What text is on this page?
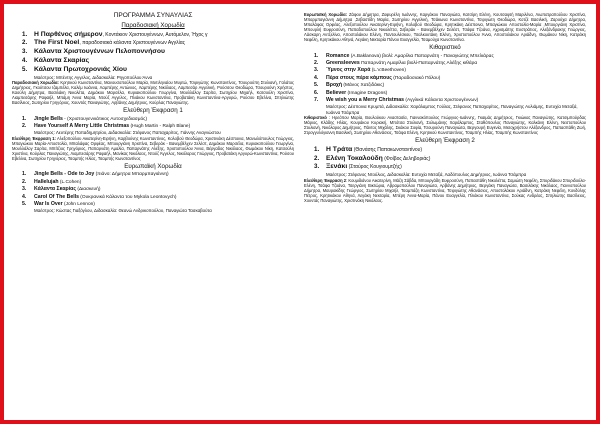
ΠΡΟΓΡΑΜΜΑ ΣΥΝΑΥΛΙΑΣ

Παραδοσιακή Χορωδία

1. Η Παρθένος σήμερον, Κοντάκιον Χριστουγέννων, Αυτόμελον, Ήχος γ

2. The First Noel, παραδοσιακά κάλαντα Χριστουγέννων Αγγλίας

3. Κάλαντα Χριστουγέννων Πελοποννήσου

4. Κάλαντα Σκαρίας

5. Κάλαντα Πρωτοχρονιάς Χίου

Μαέστρος: Μπέντης Αγγελος, Διδασκαλία: Ρηγοπούλου Άννα

Παραδοσιακή Χορωδία: Κρητικού Κωνσταντίνα, Μανουσοπούλου Μαρία, Μυτιληναίου Μυρτώ, Τσιριγώτης Κωνσταντίνος, Τσουρούπη Στυλιανή, Γαλάτος Δημήτριος, Γκούτσου Ιζαμπέλα, Καλέμ Ιωάννα, Λαμπέρης Αντώνιος, Λαμπέρης Νικόλαος, Λαμπεσάρ Αγγελική, Ρούσσου Θεοδώρα, Τσουρούνη Χρήστος, Καούλη Δήμητρα, Βασιλάκη Νικολέτα, Δημάκου Μαρσέλα, Κυριακοπούλου Γεωργίνα, Μουλλάλογ Σαρίτα, Σωτηρίου Μιχαήλ, Κατσούλη Χριστίνα, Λιαμπεσάρης Ραφαήλ, Μπάμη Άννα Μαρία, Ντούζ Αγγελος, Πλιάκου Κωνσταντίνα, Προβατάκη Κωνσταντίνα-Αργυρώ, Ρούσου Εβελίνα, Σπηλιώτης Βασίλειος, Σωτηρίου Γρηγόριος, Χουντάς Παναγιώτης, Αρβάνης Δημήτριος, Κούρλας Παναγιώτης.

Ελεύθερη Έκφραση 1

1. Jingle Bells - (Χριστουγεννιάτικος Αυτοσχεδιασμός)

2. Have Yourself A Merry Little Christmas (Hugh Martin - Ralph Blane)

Μαέστρος: Λευτέρης Παπαδημητρίου, Διδασκαλία: Στέφανος Παπαχαρίτος, Γιάννης Αναγνώστου

Ελεύθερη Έκφραση 1: Αλεξοπούλου Αικατερίνη-Ειρήνη, Καρβούνης Κωνσταντίνος, Κολοβού Θεοδώρα, Χριστινάκη Δέσποινα, Μανωλόπουλος Γεώργιος, Μπαγιώκου Μαρία-Αποστολία, Μπαλάφας Ορφέας, Μπουργιάνη Χριστίνα, Σεβεράκ - Βανεμβέλχεν Σελέστ, Δημάκου Μαρσέλα, Κυριακοπούλου Γεωργίνα, Μουλλάλογ Σαρίτα, Μπίτζιος Γρηγόριος, Παπαρνάτη Αμαλία, Παπαρνάτης Αλέξης, Χριστοπούλου Άννα, Βέργαδος Νικόλαος, Θωμάκου Νίκη, Κατσούλη Χριστίνα, Κούρλας Παναγιώτης, Λιαμπεσάρης Ραφαήλ, Μανίκας Νικόλαος, Ντούζ Άγγελος, Νικόλαρος Γεώργιος, Προβατάκη Αργυρώ-Κωνσταντίνα, Ρούσου Εβελίνα, Σωτηρίου Γρηγόριος, Τσαμπής Ηλίας, Τσαμπής Κωνσταντίνος

Ευρωπαϊκή Χορωδία

1. Jingle Bells - Ode to Joy (πιάνο: Δήμητρα Μπαρμπαγιάννη)

2. Hallelujah (L.Cohen)

3. Κάλαντα Σκαρίας (Διασκευή)

4. Carol Of The Bells (Ουκρανικά Κάλαντα του Mykola Leontovych)

5. War Is Over (John Lennon)

Μαέστρος: Κώστας Γιαξόγλου, Διδασκαλία: Θεανώ Ανδρικοπούλου, Παναγιώτα Τασκαβούτα

Ευρωπαϊκή Χορωδία: Ζάφου Δήμητρα, Ζαφυρέλη Ιωάννης, Καργάκου Παναγιώτα, Κατσίρη Ελένη, Κουτσαφτή Μαριλένα, Λιωπατραπούλου Χριστίνα, Μπαρμπαγιάννη Δήμητρα ,Σεβαστίδη Μαρία, Σωτηρίου Αγγελική, Τσάκωνα Κωνσταντίνα, Τσιριγώτη Θεοδώρα, Κοτζέ Βασιλική, Ζαρούχα Δήμητρα, Μπαλάφας Ορφέας, Αλεξοπούλου Αικατερίνη-Ειρήνη, Κολοβού Θεοδώρα, Κρητικάκη Δέσποινα, Μπαγιώκου Αποστολία-Μαρία ,Μπουργιάνη Χριστίνα, Μπουρλή Ευφροσύνη, Παπαδοπούλου Νικολέττα, Σεβεράκ - Βανεμβέλχεν Σελέστ, Τσάφα Τζοάνα, Αχρισμάτης Ευστράτιος, Αλεξάνδρακης Γεώργιος, Λάσκαρη Αντζελίνα, Αποστολάκου Ελένη, Παντουλέσκου, Τσαλκουτάκη Ελένη, Χριστοπούλου Άννα, Αποστολάκου Αριάδνη, Θωμάκου Νίκη, Κατράκη Νεφέλη, Κρητικάκου Αθηνά, Λεγάκη Νεκταρία Πάνου Ευαγγελία, Τσαμούχα Κωνσταντίνα.

Κιθαριστικό

1. Romance (A.Baklanova) βιολί: Αμαρίλια Παπαρνάτη - Παναγιώτης Μπελιάρας

2. Greensleeves Παπαρνάτη Αμαρίλια βιολί-Παπαρνάτης Αλέξης κιθάρα

3. Ύμνος στην Χαρά (L.V.Beethoven)

4. Πέρα στους πέρα κάμπους (Παραδοσιακό Πόλου)

5. Βροχή (Μάνος Χατζιδάκις)

6. Believer (Imagine Dragons)

7. We wish you a Merry Christmas (Αγγλικά Κάλαντα Χριστουγέννων)

Μαέστρος: Δέσποινα Κρυμπά, Διδασκαλία: Χαράλαμπος Γούλας, Στέφανος Παπαχαρίτος, Παναγιώτης Αυλιάμης, Ευτυχία Μεταξά, Ιωάννα Τσάμπρα

Κιθαριστικό : Ηρεόπου Μαρία, Βουλούκου Αναστασία, Γιαννακόπουλος Γεώργιος-Ιωάννης, Γκαιμάς Δημήτριος, Γκιώκας Παναγιώτης, Κατσιμπούρδας Μάριος, Κλάδης Ηλίας, Κουράκου Κυριακή, Μπότσα Στυλιανή, Σολωμάνης Χαράλαμπος, Σταθόπουλος Παναγιώτης, Καλκάνη Ελένη, Νεστοπούλου Στυλιανή, Νικόλαρος Δημήτριος, Πάντος Μιχάλης, Σκάκου Σοφία, Τσουρούνη Παναγιώτα, Βεργουρή Ευγενία, Μισοχρήστου Αλέξανδρος, Παπασπάθη Ζωή, Στρογγυλόγιαννη Βασιλική, Σωτηρίου Αθανάσιος, Τσάφα Ελένη, Κρητικού Κωνσταντίνος, Τσαμπής Ηλίας, Τσαμπής Κωνσταντίνος

Ελεύθερη Έκφραση 2

1. Η Τράτα (Θανάσης Παπακωνσταντίνου)

2. Ελένη Τοκαλούδη (Φοίβος Δεληβοριάς)

3. Ξενάκι (Σταύρος Κουγιουμτζής)

Μαέστρος: Στέφανος Ντούλιος, Διδασκαλία: Ευτυχία Μεταξά, Λαδόπουλος Δημήτριος, Ιωάννα Τσάμπρα

Ελεύθερη Έκφραση 2: Κουμιδιάνου Αικατερίνη, Μάζη Σάβδα, Μπουργάδη Ευφροσύνη, Παπαστάθη Νικολέττα, Σαμιώτη Νεφέλη, Σπυριδάκου Σπυριδούλα-Ελένη, Τσάφα Τζοάνα, Τσεργιάνη Βικτώρια, Αβραμοπούλου Παναγιώτα, Αρβάνης Δημήτριος, Βεργάκη Παναγιώτα, Βασιλάκης Νικόλαος, Γιαννοπούλου Δήμητρα, Μαυρακίδης Γεώργιος, Σωτηρίου Μιχαήλ, Τσαμπάζη Κωνσταντίνα, Τσιριγώτης Αθανάσιος, Αποστολάκου Αριάδνη, Κατράκη Νεφέλη, Κονδύλης Πέτρος, Κρητικάκου Αθηνά, Λεγάκη Νεκταρία, Μπέρη Άννα-Μαρία, Πάνου Ευαγγελία, Πλιάκου Κωνσταντίνα, Σούκας Ανδρέας, Σπηλιώτης Βασίλειος, Χουντάς Παναγιώτης, Χριστινάκη Νικόλαος.
